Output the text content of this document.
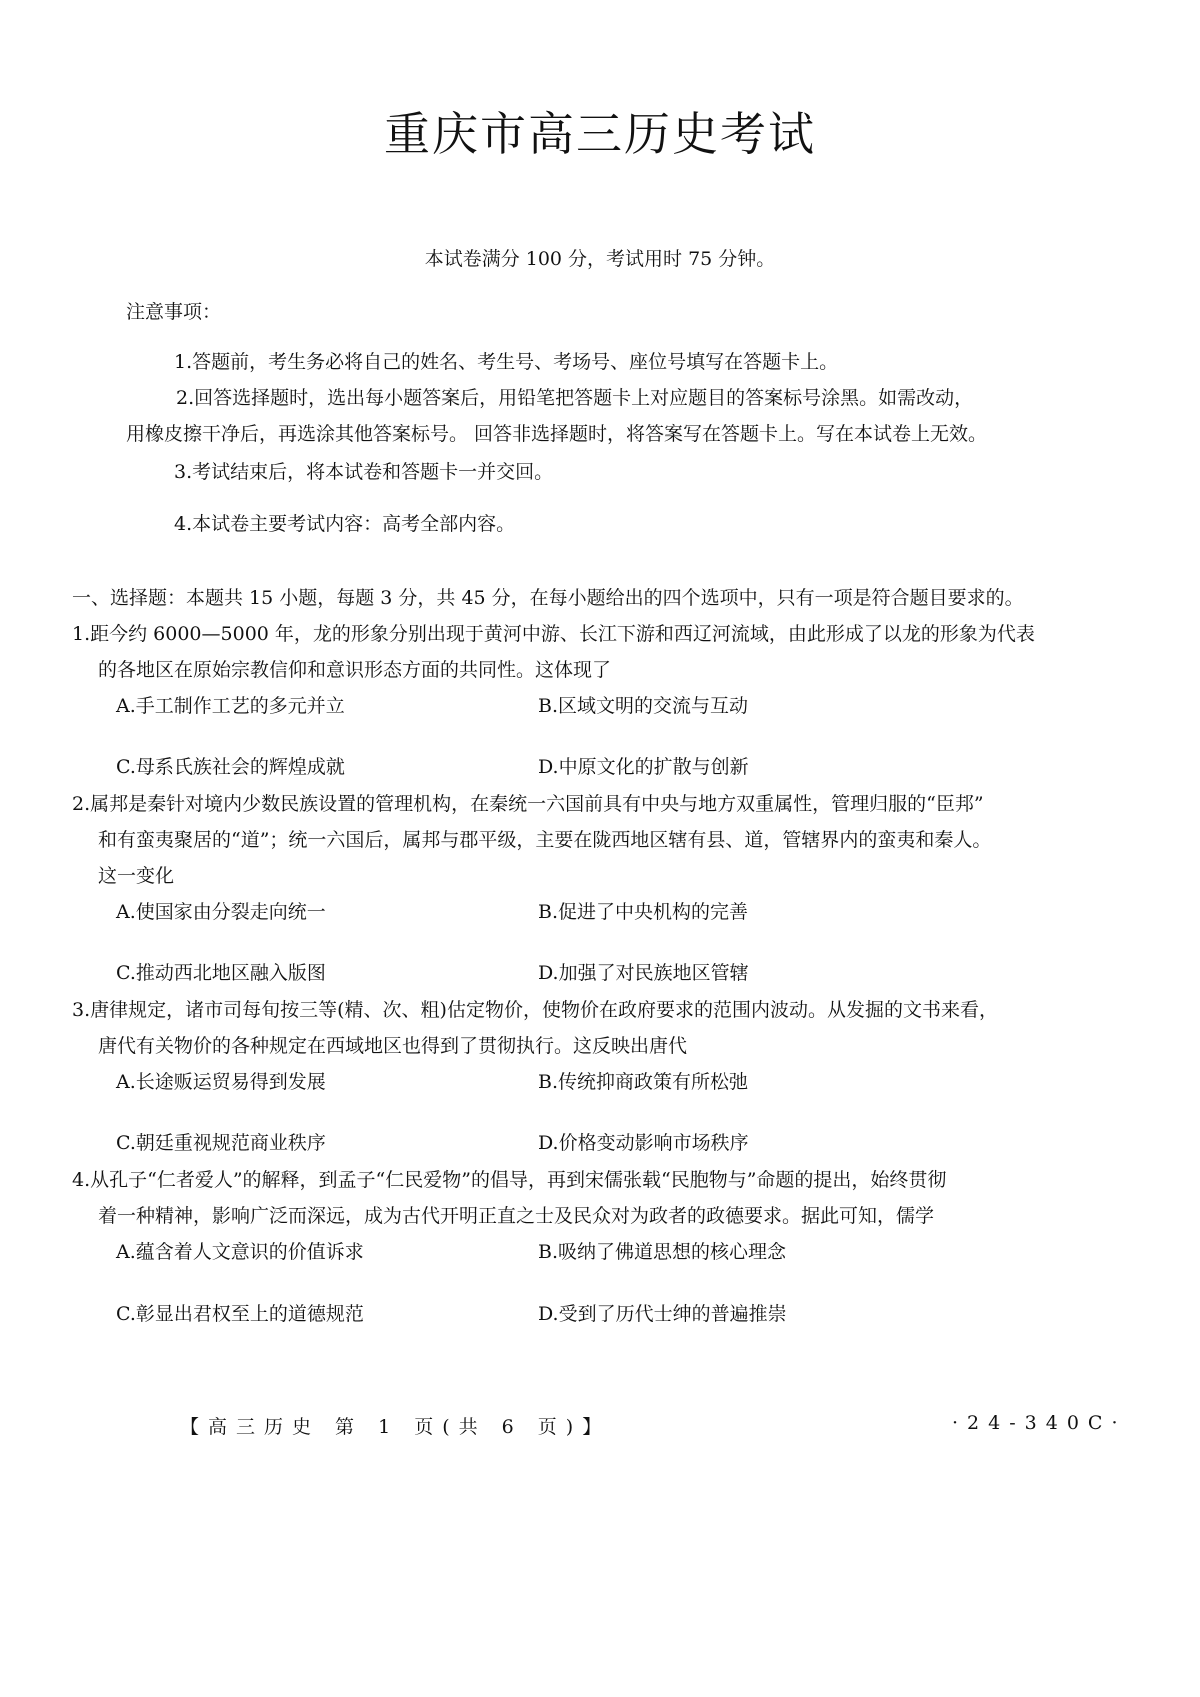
重庆市高三历史考试
本试卷满分 100 分，考试用时 75 分钟。
注意事项：
1.答题前，考生务必将自己的姓名、考生号、考场号、座位号填写在答题卡上。
2.回答选择题时，选出每小题答案后，用铅笔把答题卡上对应题目的答案标号涂黑。如需改动，
用橡皮擦干净后，再选涂其他答案标号。 回答非选择题时，将答案写在答题卡上。写在本试卷上无效。
3.考试结束后，将本试卷和答题卡一并交回。
4.本试卷主要考试内容：高考全部内容。
一、选择题：本题共 15 小题，每题 3 分，共 45 分，在每小题给出的四个选项中，只有一项是符合题目要求的。
1.距今约 6000—5000 年，龙的形象分别出现于黄河中游、长江下游和西辽河流域，由此形成了以龙的形象为代表
的各地区在原始宗教信仰和意识形态方面的共同性。这体现了
A.手工制作工艺的多元并立	B.区域文明的交流与互动
C.母系氏族社会的辉煌成就	D.中原文化的扩散与创新
2.属邦是秦针对境内少数民族设置的管理机构，在秦统一六国前具有中央与地方双重属性，管理归服的“臣邦”
和有蛮夷聚居的“道”；统一六国后，属邦与郡平级，主要在陇西地区辖有县、道，管辖界内的蛮夷和秦人。
这一变化
A.使国家由分裂走向统一	B.促进了中央机构的完善
C.推动西北地区融入版图	D.加强了对民族地区管辖
3.唐律规定，诸市司每旬按三等(精、次、粗)估定物价，使物价在政府要求的范围内波动。从发掘的文书来看，
唐代有关物价的各种规定在西域地区也得到了贯彻执行。这反映出唐代
A.长途贩运贸易得到发展	B.传统抑商政策有所松弛
C.朝廷重视规范商业秩序	D.价格变动影响市场秩序
4.从孔子“仁者爱人”的解释，到孟子“仁民爱物”的倡导，再到宋儒张载“民胞物与”命题的提出，始终贯彻
着一种精神，影响广泛而深远，成为古代开明正直之士及民众对为政者的政德要求。据此可知，儒学
A.蕴含着人文意识的价值诉求	B.吸纳了佛道思想的核心理念
C.彰显出君权至上的道德规范	D.受到了历代士绅的普遍推崇
【高三历史 第 1 页(共 6 页)】	·24-340C·
